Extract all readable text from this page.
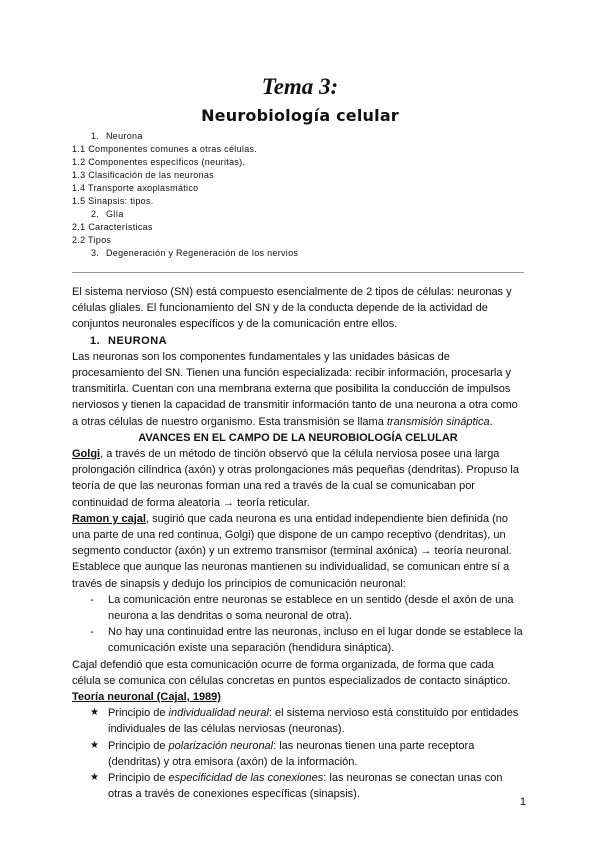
Tema 3:
Neurobiología celular
1. Neurona
1.1 Componentes comunes a otras células.
1.2 Componentes específicos (neuritas).
1.3 Clasificación de las neuronas
1.4 Transporte axoplasmático
1.5 Sinapsis: tipos.
2. Glía
2.1 Características
2.2 Tipos
3. Degeneración y Regeneración de los nervios

El sistema nervioso (SN) está compuesto esencialmente de 2 tipos de células: neuronas y células gliales. El funcionamiento del SN y de la conducta depende de la actividad de conjuntos neuronales específicos y de la comunicación entre ellos.

1. NEURONA

Las neuronas son los componentes fundamentales y las unidades básicas de procesamiento del SN. Tienen una función especializada: recibir información, procesarla y transmitirla. Cuentan con una membrana externa que posibilita la conducción de impulsos nerviosos y tienen la capacidad de transmitir información tanto de una neurona a otra como a otras células de nuestro organismo. Esta transmisión se llama transmisión sináptica.

AVANCES EN EL CAMPO DE LA NEUROBIOLOGÍA CELULAR

Golgi, a través de un método de tinción observó que la célula nerviosa posee una larga prolongación cilíndrica (axón) y otras prolongaciones más pequeñas (dendritas). Propuso la teoría de que las neuronas forman una red a través de la cual se comunicaban por continuidad de forma aleatoria → teoría reticular.

Ramon y cajal, sugirió que cada neurona es una entidad independiente bien definida (no una parte de una red continua, Golgi) que dispone de un campo receptivo (dendritas), un segmento conductor (axón) y un extremo transmisor (terminal axónica) → teoría neuronal.

Establece que aunque las neuronas mantienen su individualidad, se comunican entre sí a través de sinapsis y dedujo los principios de comunicación neuronal:

- La comunicación entre neuronas se establece en un sentido (desde el axón de una neurona a las dendritas o soma neuronal de otra).
- No hay una continuidad entre las neuronas, incluso en el lugar donde se establece la comunicación existe una separación (hendidura sináptica).

Cajal defendió que esta comunicación ocurre de forma organizada, de forma que cada célula se comunica con células concretas en puntos especializados de contacto sináptico.

Teoría neuronal (Cajal, 1989)

★ Principio de individualidad neural: el sistema nervioso está constituido por entidades individuales de las células nerviosas (neuronas).
★ Principio de polarización neuronal: las neuronas tienen una parte receptora (dendritas) y otra emisora (axón) de la información.
★ Principio de especificidad de las conexiones: las neuronas se conectan unas con otras a través de conexiones específicas (sinapsis).
1
